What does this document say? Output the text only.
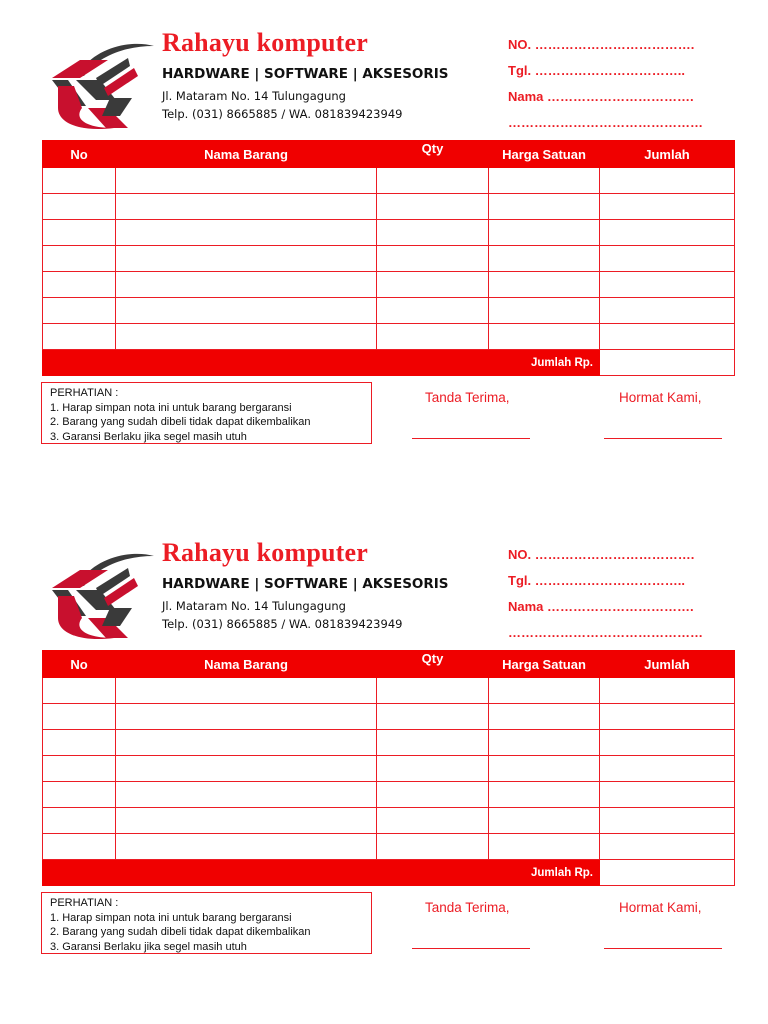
Rahayu komputer
HARDWARE | SOFTWARE | AKSESORIS
Jl. Mataram No. 14 Tulungagung
Telp. (031) 8665885 / WA. 081839423949
NO. ……………………………….
Tgl. ……………………………..
Nama …………………………….
………………………………………
No	Nama Barang	Qty	Harga Satuan	Jumlah

Jumlah Rp.				
PERHATIAN :
1. Harap simpan nota ini untuk barang bergaransi
2. Barang yang sudah dibeli tidak dapat dikembalikan
3. Garansi Berlaku jika segel masih utuh
Tanda Terima,	Hormat Kami,
Rahayu komputer
HARDWARE | SOFTWARE | AKSESORIS
Jl. Mataram No. 14 Tulungagung
Telp. (031) 8665885 / WA. 081839423949
NO. ……………………………….
Tgl. ……………………………..
Nama …………………………….
………………………………………
No	Nama Barang	Qty	Harga Satuan	Jumlah

Jumlah Rp.				
PERHATIAN :
1. Harap simpan nota ini untuk barang bergaransi
2. Barang yang sudah dibeli tidak dapat dikembalikan
3. Garansi Berlaku jika segel masih utuh
Tanda Terima,	Hormat Kami,
